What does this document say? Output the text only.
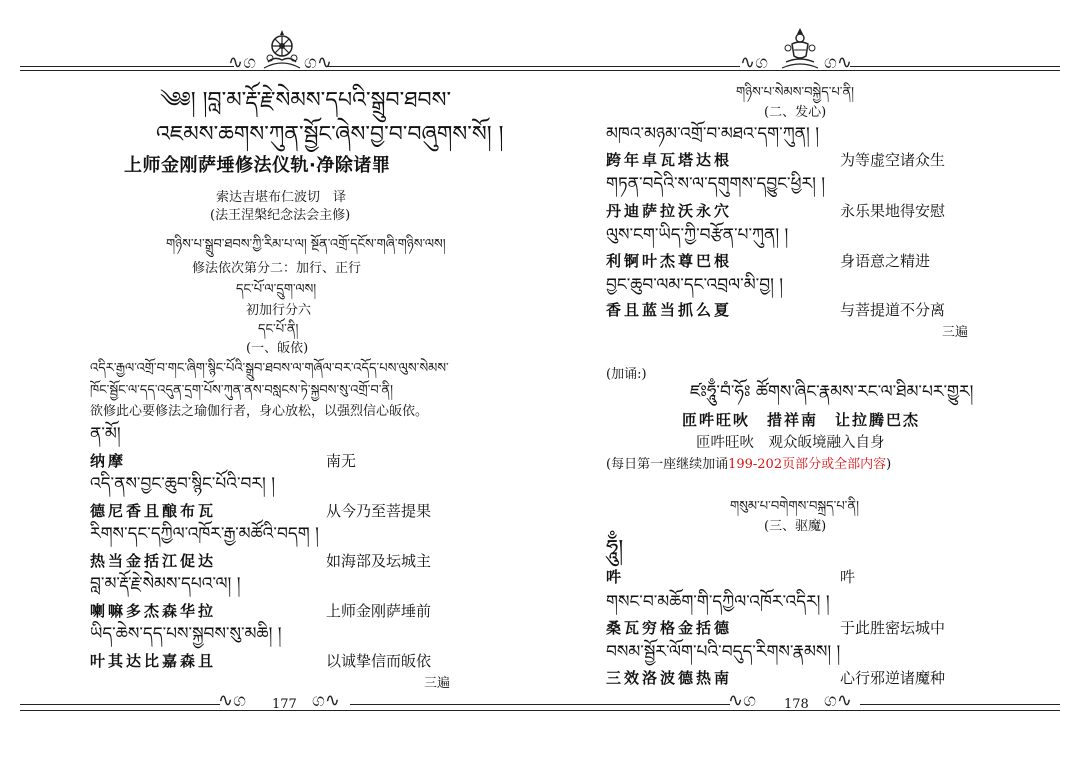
∿ග	ග∿
༄༅། །བླ་མ་རྡོ་རྗེ་སེམས་དཔའི་སྒྲུབ་ཐབས་
འཇམས་ཆགས་ཀུན་སྦྱོང་ཞེས་བྱ་བ་བཞུགས་སོ། །
上师金刚萨埵修法仪轨·净除诸罪
索达吉堪布仁波切　译
(法王涅槃纪念法会主修)
གཉིས་པ་སྒྲུབ་ཐབས་ཀྱི་རིམ་པ་ལ། སྔོན་འགྲོ་དངོས་གཞི་གཉིས་ལས།
修法依次第分二：加行、正行
དང་པོ་ལ་དྲུག་ལས།
初加行分六
དང་པོ་ནི།
(一、皈依)
འདིར་རྒྱལ་འགྲོ་བ་གང་ཞིག་སྙིང་པོའི་སྒྲུབ་ཐབས་ལ་གཞོལ་བར་འདོད་པས་ལུས་སེམས་
ཁོང་སྦྱོང་ལ་དད་འདུན་དྲག་པོས་ཀུན་ནས་བསླངས་ཏེ་སྐྱབས་སུ་འགྲོ་བ་ནི།
欲修此心要修法之瑜伽行者，身心放松，以强烈信心皈依。
ན་མོ།
纳摩	南无
འདི་ནས་བྱང་ཆུབ་སྙིང་པོའི་བར། །
德尼香且酿布瓦	从今乃至菩提果
རིགས་དང་དཀྱིལ་འཁོར་རྒྱ་མཚོའི་བདག །
热当金括江促达	如海部及坛城主
བླ་མ་རྡོ་རྗེ་སེམས་དཔའ་ལ། །
喇嘛多杰森华拉	上师金刚萨埵前
ཡིད་ཆེས་དད་པས་སྐྱབས་སུ་མཆི། །
叶其达比嘉森且	以诚挚信而皈依
三遍
∿ග	ග∿
177
∿ග	ග∿
གཉིས་པ་སེམས་བསྐྱེད་པ་ནི།
(二、发心)
མཁའ་མཉམ་འགྲོ་བ་མཐའ་དག་ཀུན། །
跨年卓瓦塔达根	为等虚空诸众生
གཏན་བདེའི་ས་ལ་དགུགས་དབྱུང་ཕྱིར། །
丹迪萨拉沃永穴	永乐果地得安慰
ལུས་ངག་ཡིད་ཀྱི་བརྩོན་པ་ཀུན། །
利锕叶杰尊巴根	身语意之精进
བྱང་ཆུབ་ལམ་དང་འབྲལ་མི་བྱ། །
香且蓝当抓么夏	与菩提道不分离
三遍
(加诵:)
ཛཿཧཱུྃ་བཾ་ཧོཿ ཚོགས་ཞིང་རྣམས་རང་ལ་ཐིམ་པར་གྱུར།
匝吽旺吙　措祥南　让拉腾巴杰
匝吽旺吙　观众皈境融入自身
(每日第一座继续加诵199-202页部分或全部内容)
གསུམ་པ་བགེགས་བསྐྲད་པ་ནི།
(三、驱魔)
ཧཱུྃ།
吽	吽
གསང་བ་མཆོག་གི་དཀྱིལ་འཁོར་འདིར། །
桑瓦穷格金括德	于此胜密坛城中
བསམ་སྦྱོར་ལོག་པའི་བདུད་རིགས་རྣམས། །
三效洛波德热南	心行邪逆诸魔种
∿ග	ග∿
178
